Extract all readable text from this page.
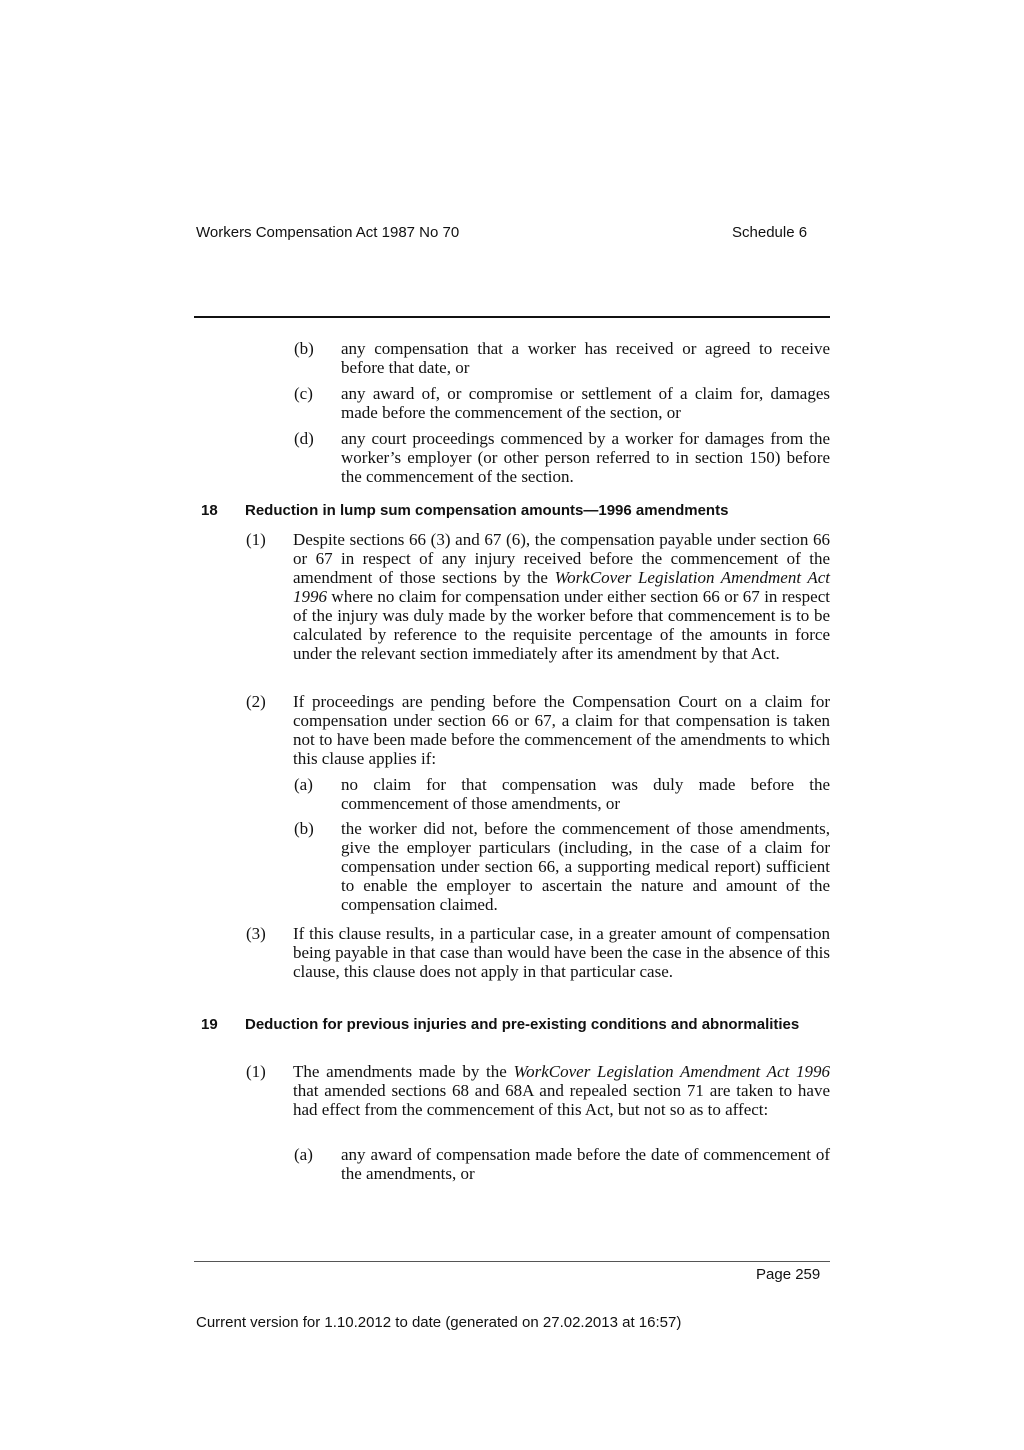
Workers Compensation Act 1987 No 70	Schedule 6
(b) any compensation that a worker has received or agreed to receive before that date, or
(c) any award of, or compromise or settlement of a claim for, damages made before the commencement of the section, or
(d) any court proceedings commenced by a worker for damages from the worker’s employer (or other person referred to in section 150) before the commencement of the section.
18 Reduction in lump sum compensation amounts—1996 amendments
(1) Despite sections 66 (3) and 67 (6), the compensation payable under section 66 or 67 in respect of any injury received before the commencement of the amendment of those sections by the WorkCover Legislation Amendment Act 1996 where no claim for compensation under either section 66 or 67 in respect of the injury was duly made by the worker before that commencement is to be calculated by reference to the requisite percentage of the amounts in force under the relevant section immediately after its amendment by that Act.
(2) If proceedings are pending before the Compensation Court on a claim for compensation under section 66 or 67, a claim for that compensation is taken not to have been made before the commencement of the amendments to which this clause applies if:
(a) no claim for that compensation was duly made before the commencement of those amendments, or
(b) the worker did not, before the commencement of those amendments, give the employer particulars (including, in the case of a claim for compensation under section 66, a supporting medical report) sufficient to enable the employer to ascertain the nature and amount of the compensation claimed.
(3) If this clause results, in a particular case, in a greater amount of compensation being payable in that case than would have been the case in the absence of this clause, this clause does not apply in that particular case.
19 Deduction for previous injuries and pre-existing conditions and abnormalities
(1) The amendments made by the WorkCover Legislation Amendment Act 1996 that amended sections 68 and 68A and repealed section 71 are taken to have had effect from the commencement of this Act, but not so as to affect:
(a) any award of compensation made before the date of commencement of the amendments, or
Page 259
Current version for 1.10.2012 to date (generated on 27.02.2013 at 16:57)
